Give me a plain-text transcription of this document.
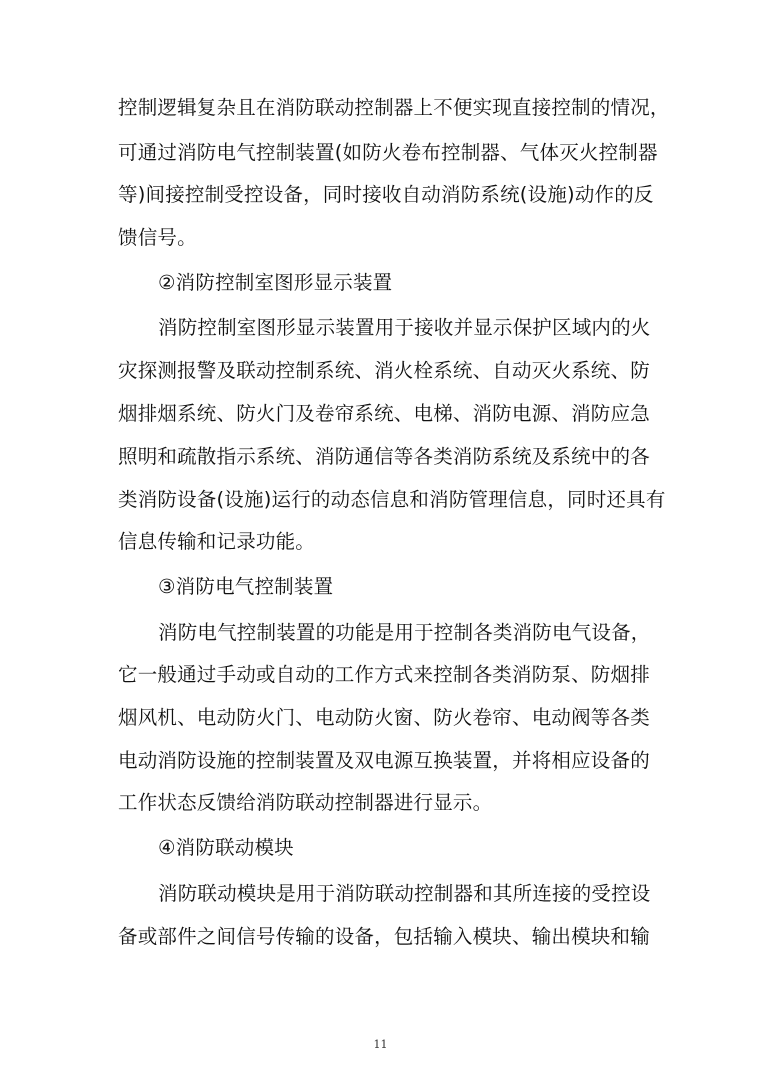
控制逻辑复杂且在消防联动控制器上不便实现直接控制的情况，
可通过消防电气控制装置(如防火卷布控制器、气体灭火控制器
等)间接控制受控设备，同时接收自动消防系统(设施)动作的反
馈信号。
②消防控制室图形显示装置
消防控制室图形显示装置用于接收并显示保护区域内的火
灾探测报警及联动控制系统、消火栓系统、自动灭火系统、防
烟排烟系统、防火门及卷帘系统、电梯、消防电源、消防应急
照明和疏散指示系统、消防通信等各类消防系统及系统中的各
类消防设备(设施)运行的动态信息和消防管理信息，同时还具有
信息传输和记录功能。
③消防电气控制装置
消防电气控制装置的功能是用于控制各类消防电气设备，
它一般通过手动或自动的工作方式来控制各类消防泵、防烟排
烟风机、电动防火门、电动防火窗、防火卷帘、电动阀等各类
电动消防设施的控制装置及双电源互换装置，并将相应设备的
工作状态反馈给消防联动控制器进行显示。
④消防联动模块
消防联动模块是用于消防联动控制器和其所连接的受控设
备或部件之间信号传输的设备，包括输入模块、输出模块和输
11
